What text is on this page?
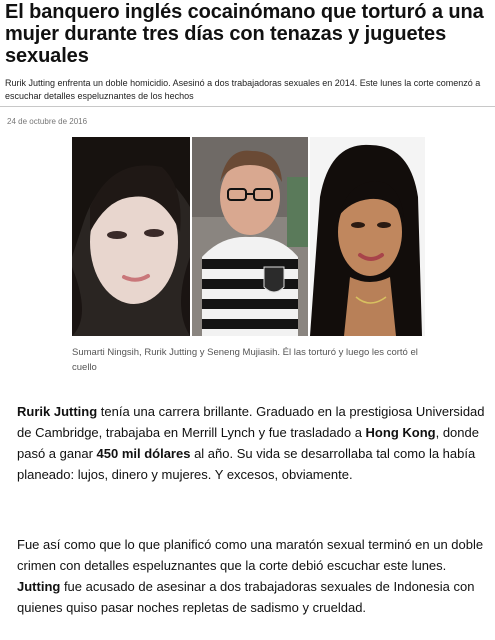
El banquero inglés cocainómano que torturó a una mujer durante tres días con tenazas y juguetes sexuales

Rurik Jutting enfrenta un doble homicidio. Asesinó a dos trabajadoras sexuales en 2014. Este lunes la corte comenzó a escuchar detalles espeluznantes de los hechos

24 de octubre de 2016

Sumarti Ningsih, Rurik Jutting y Seneng Mujiasih. Él las torturó y luego les cortó el cuello

Rurik Jutting tenía una carrera brillante. Graduado en la prestigiosa Universidad de Cambridge, trabajaba en Merrill Lynch y fue trasladado a Hong Kong, donde pasó a ganar 450 mil dólares al año. Su vida se desarrollaba tal como la había planeado: lujos, dinero y mujeres. Y excesos, obviamente.

Fue así como que lo que planificó como una maratón sexual terminó en un doble crimen con detalles espeluznantes que la corte debió escuchar este lunes. Jutting fue acusado de asesinar a dos trabajadoras sexuales de Indonesia con quienes quiso pasar noches repletas de sadismo y crueldad.
